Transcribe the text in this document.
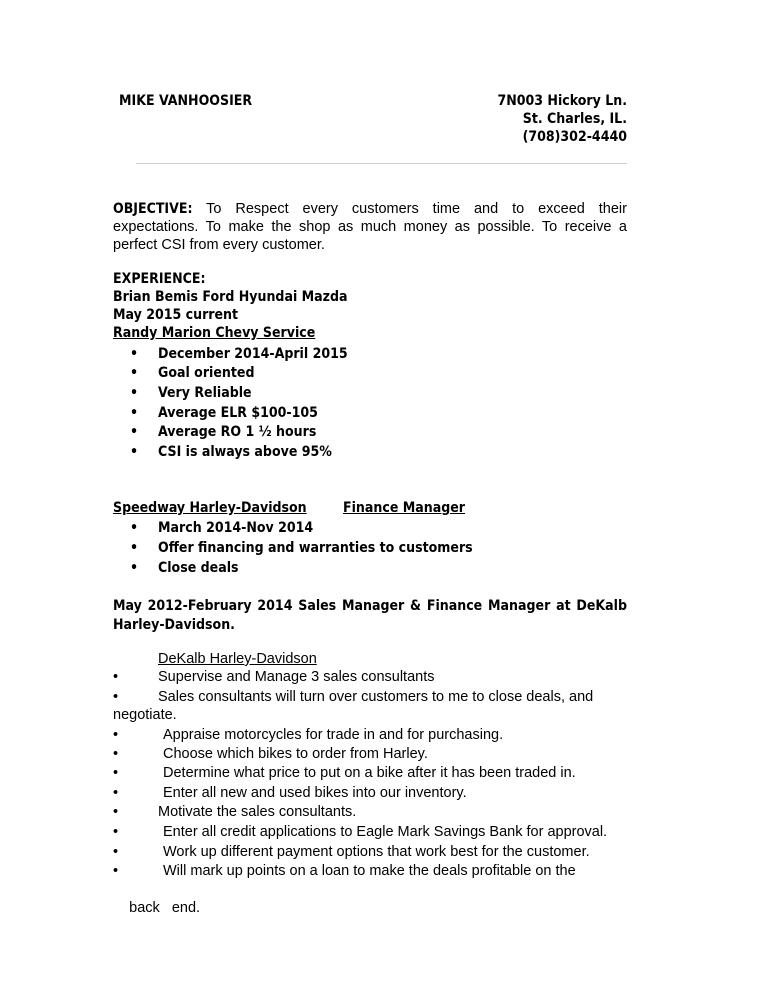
MIKE VANHOOSIER	7N003 Hickory Ln.
St. Charles, IL.
(708)302-4440
OBJECTIVE: To Respect every customers time and to exceed their expectations. To make the shop as much money as possible. To receive a perfect CSI from every customer.
EXPERIENCE:
Brian Bemis Ford Hyundai Mazda
May 2015 current
Randy Marion Chevy Service
• December 2014-April 2015
• Goal oriented
• Very Reliable
• Average ELR $100-105
• Average RO 1 ½ hours
• CSI is always above 95%
Speedway Harley-Davidson	Finance Manager
• March 2014-Nov 2014
• Offer financing and warranties to customers
• Close deals
May 2012-February 2014 Sales Manager & Finance Manager at DeKalb Harley-Davidson.
DeKalb Harley-Davidson
•	Supervise and Manage 3 sales consultants
•	Sales consultants will turn over customers to me to close deals, and
negotiate.
•	Appraise motorcycles for trade in and for purchasing.
•	Choose which bikes to order from Harley.
•	Determine what price to put on a bike after it has been traded in.
•	Enter all new and used bikes into our inventory.
•	Motivate the sales consultants.
•	Enter all credit applications to Eagle Mark Savings Bank for approval.
•	Work up different payment options that work best for the customer.
•	Will mark up points on a loan to make the deals profitable on the

back   end.
